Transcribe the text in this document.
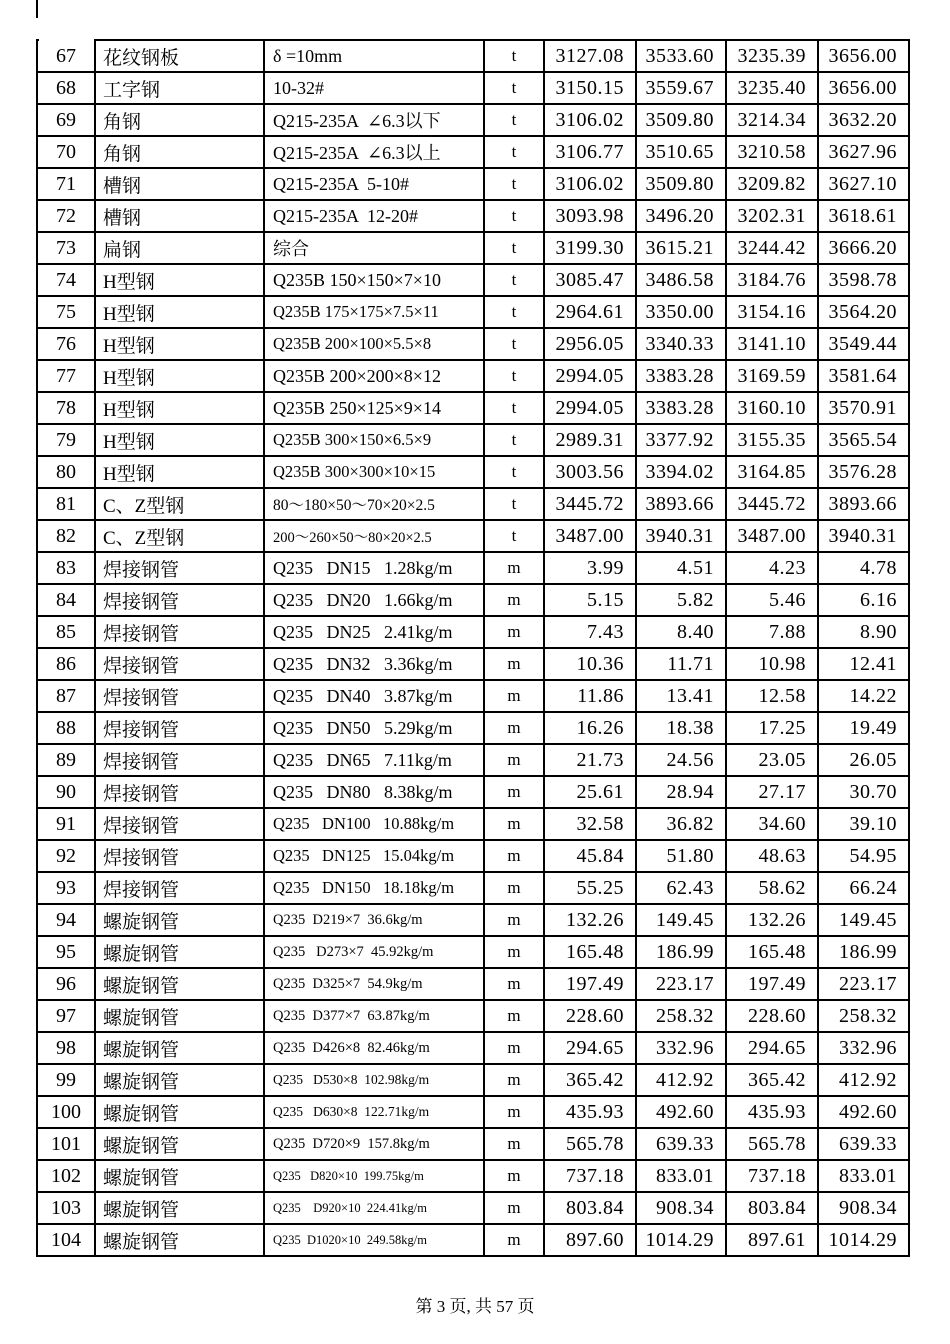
67	花纹钢板	δ =10mm	t	3127.08	3533.60	3235.39	3656.00
68	工字钢	10-32#	t	3150.15	3559.67	3235.40	3656.00
69	角钢	Q215-235A  ∠6.3以下	t	3106.02	3509.80	3214.34	3632.20
70	角钢	Q215-235A  ∠6.3以上	t	3106.77	3510.65	3210.58	3627.96
71	槽钢	Q215-235A  5-10#	t	3106.02	3509.80	3209.82	3627.10
72	槽钢	Q215-235A  12-20#	t	3093.98	3496.20	3202.31	3618.61
73	扁钢	综合	t	3199.30	3615.21	3244.42	3666.20
74	H型钢	Q235B 150×150×7×10	t	3085.47	3486.58	3184.76	3598.78
75	H型钢	Q235B 175×175×7.5×11	t	2964.61	3350.00	3154.16	3564.20
76	H型钢	Q235B 200×100×5.5×8	t	2956.05	3340.33	3141.10	3549.44
77	H型钢	Q235B 200×200×8×12	t	2994.05	3383.28	3169.59	3581.64
78	H型钢	Q235B 250×125×9×14	t	2994.05	3383.28	3160.10	3570.91
79	H型钢	Q235B 300×150×6.5×9	t	2989.31	3377.92	3155.35	3565.54
80	H型钢	Q235B 300×300×10×15	t	3003.56	3394.02	3164.85	3576.28
81	C、Z型钢	80～180×50～70×20×2.5	t	3445.72	3893.66	3445.72	3893.66
82	C、Z型钢	200～260×50～80×20×2.5	t	3487.00	3940.31	3487.00	3940.31
83	焊接钢管	Q235   DN15   1.28kg/m	m	3.99	4.51	4.23	4.78
84	焊接钢管	Q235   DN20   1.66kg/m	m	5.15	5.82	5.46	6.16
85	焊接钢管	Q235   DN25   2.41kg/m	m	7.43	8.40	7.88	8.90
86	焊接钢管	Q235   DN32   3.36kg/m	m	10.36	11.71	10.98	12.41
87	焊接钢管	Q235   DN40   3.87kg/m	m	11.86	13.41	12.58	14.22
88	焊接钢管	Q235   DN50   5.29kg/m	m	16.26	18.38	17.25	19.49
89	焊接钢管	Q235   DN65   7.11kg/m	m	21.73	24.56	23.05	26.05
90	焊接钢管	Q235   DN80   8.38kg/m	m	25.61	28.94	27.17	30.70
91	焊接钢管	Q235   DN100   10.88kg/m	m	32.58	36.82	34.60	39.10
92	焊接钢管	Q235   DN125   15.04kg/m	m	45.84	51.80	48.63	54.95
93	焊接钢管	Q235   DN150   18.18kg/m	m	55.25	62.43	58.62	66.24
94	螺旋钢管	Q235  D219×7  36.6kg/m	m	132.26	149.45	132.26	149.45
95	螺旋钢管	Q235   D273×7  45.92kg/m	m	165.48	186.99	165.48	186.99
96	螺旋钢管	Q235  D325×7  54.9kg/m	m	197.49	223.17	197.49	223.17
97	螺旋钢管	Q235  D377×7  63.87kg/m	m	228.60	258.32	228.60	258.32
98	螺旋钢管	Q235  D426×8  82.46kg/m	m	294.65	332.96	294.65	332.96
99	螺旋钢管	Q235   D530×8  102.98kg/m	m	365.42	412.92	365.42	412.92
100	螺旋钢管	Q235   D630×8  122.71kg/m	m	435.93	492.60	435.93	492.60
101	螺旋钢管	Q235  D720×9  157.8kg/m	m	565.78	639.33	565.78	639.33
102	螺旋钢管	Q235   D820×10  199.75kg/m	m	737.18	833.01	737.18	833.01
103	螺旋钢管	Q235    D920×10  224.41kg/m	m	803.84	908.34	803.84	908.34
104	螺旋钢管	Q235  D1020×10  249.58kg/m	m	897.60	1014.29	897.61	1014.29
第 3 页, 共 57 页
